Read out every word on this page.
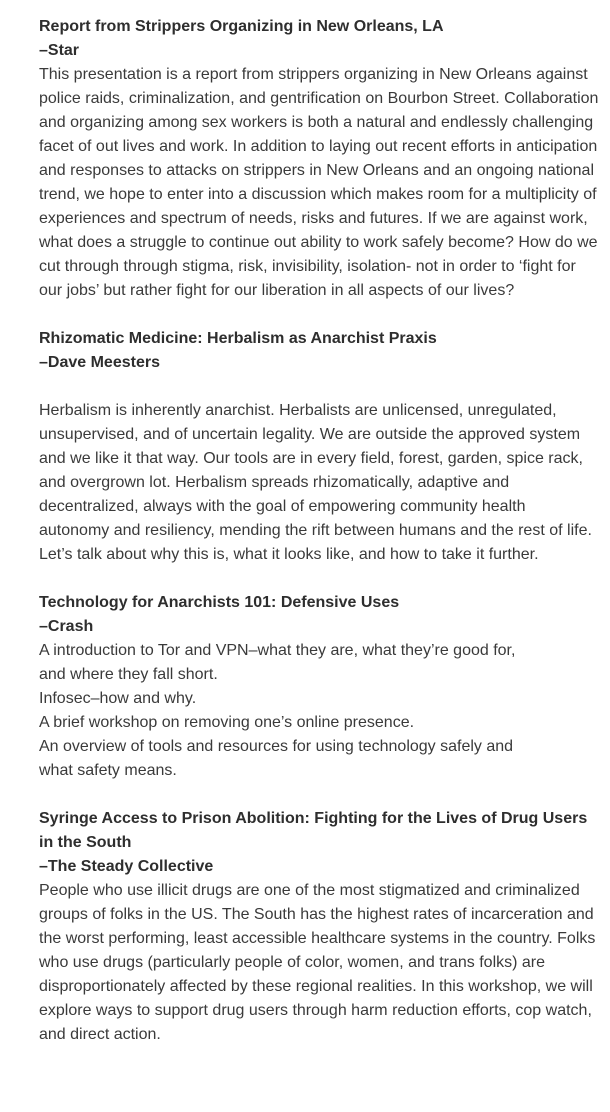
Report from Strippers Organizing in New Orleans, LA
–Star
This presentation is a report from strippers organizing in New Orleans against police raids, criminalization, and gentrification on Bourbon Street. Collaboration and organizing among sex workers is both a natural and endlessly challenging facet of out lives and work. In addition to laying out recent efforts in anticipation and responses to attacks on strippers in New Orleans and an ongoing national trend, we hope to enter into a discussion which makes room for a multiplicity of experiences and spectrum of needs, risks and futures. If we are against work, what does a struggle to continue out ability to work safely become? How do we cut through through stigma, risk, invisibility, isolation- not in order to ‘fight for our jobs’ but rather fight for our liberation in all aspects of our lives?
Rhizomatic Medicine: Herbalism as Anarchist Praxis
–Dave Meesters
Herbalism is inherently anarchist. Herbalists are unlicensed, unregulated, unsupervised, and of uncertain legality. We are outside the approved system and we like it that way. Our tools are in every field, forest, garden, spice rack, and overgrown lot. Herbalism spreads rhizomatically, adaptive and decentralized, always with the goal of empowering community health autonomy and resiliency, mending the rift between humans and the rest of life. Let’s talk about why this is, what it looks like, and how to take it further.
Technology for Anarchists 101: Defensive Uses
–Crash
A introduction to Tor and VPN–what they are, what they’re good for,
and where they fall short.
Infosec–how and why.
A brief workshop on removing one’s online presence.
An overview of tools and resources for using technology safely and
what safety means.
Syringe Access to Prison Abolition: Fighting for the Lives of Drug Users in the South
–The Steady Collective
People who use illicit drugs are one of the most stigmatized and criminalized groups of folks in the US. The South has the highest rates of incarceration and the worst performing, least accessible healthcare systems in the country. Folks who use drugs (particularly people of color, women, and trans folks) are disproportionately affected by these regional realities. In this workshop, we will explore ways to support drug users through harm reduction efforts, cop watch, and direct action.
